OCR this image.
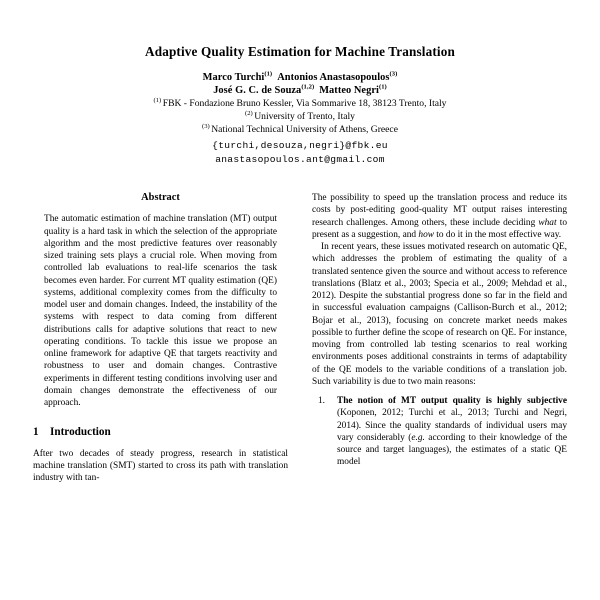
Adaptive Quality Estimation for Machine Translation
Marco Turchi$^{(1)}$ Antonios Anastasopoulos$^{(3)}$
José G. C. de Souza$^{(1,2)}$ Matteo Negri$^{(1)}$
$^{(1)}$ FBK - Fondazione Bruno Kessler, Via Sommarive 18, 38123 Trento, Italy
$^{(2)}$ University of Trento, Italy
$^{(3)}$ National Technical University of Athens, Greece
{turchi,desouza,negri}@fbk.eu
anastasopoulos.ant@gmail.com
Abstract

The automatic estimation of machine translation (MT) output quality is a hard task in which the selection of the appropriate algorithm and the most predictive features over reasonably sized training sets plays a crucial role. When moving from controlled lab evaluations to real-life scenarios the task becomes even harder. For current MT quality estimation (QE) systems, additional complexity comes from the difficulty to model user and domain changes. Indeed, the instability of the systems with respect to data coming from different distributions calls for adaptive solutions that react to new operating conditions. To tackle this issue we propose an online framework for adaptive QE that targets reactivity and robustness to user and domain changes. Contrastive experiments in different testing conditions involving user and domain changes demonstrate the effectiveness of our approach.

1 Introduction

After two decades of steady progress, research in statistical machine translation (SMT) started to cross its path with translation industry with tan-

The possibility to speed up the translation process and reduce its costs by post-editing good-quality MT output raises interesting research challenges. Among others, these include deciding what to present as a suggestion, and how to do it in the most effective way.

In recent years, these issues motivated research on automatic QE, which addresses the problem of estimating the quality of a translated sentence given the source and without access to reference translations (Blatz et al., 2003; Specia et al., 2009; Mehdad et al., 2012). Despite the substantial progress done so far in the field and in successful evaluation campaigns (Callison-Burch et al., 2012; Bojar et al., 2013), focusing on concrete market needs makes possible to further define the scope of research on QE. For instance, moving from controlled lab testing scenarios to real working environments poses additional constraints in terms of adaptability of the QE models to the variable conditions of a translation job. Such variability is due to two main reasons:

1. The notion of MT output quality is highly subjective (Koponen, 2012; Turchi et al., 2013; Turchi and Negri, 2014). Since the quality standards of individual users may vary considerably (e.g. according to their knowledge of the source and target languages), the estimates of a static QE model
